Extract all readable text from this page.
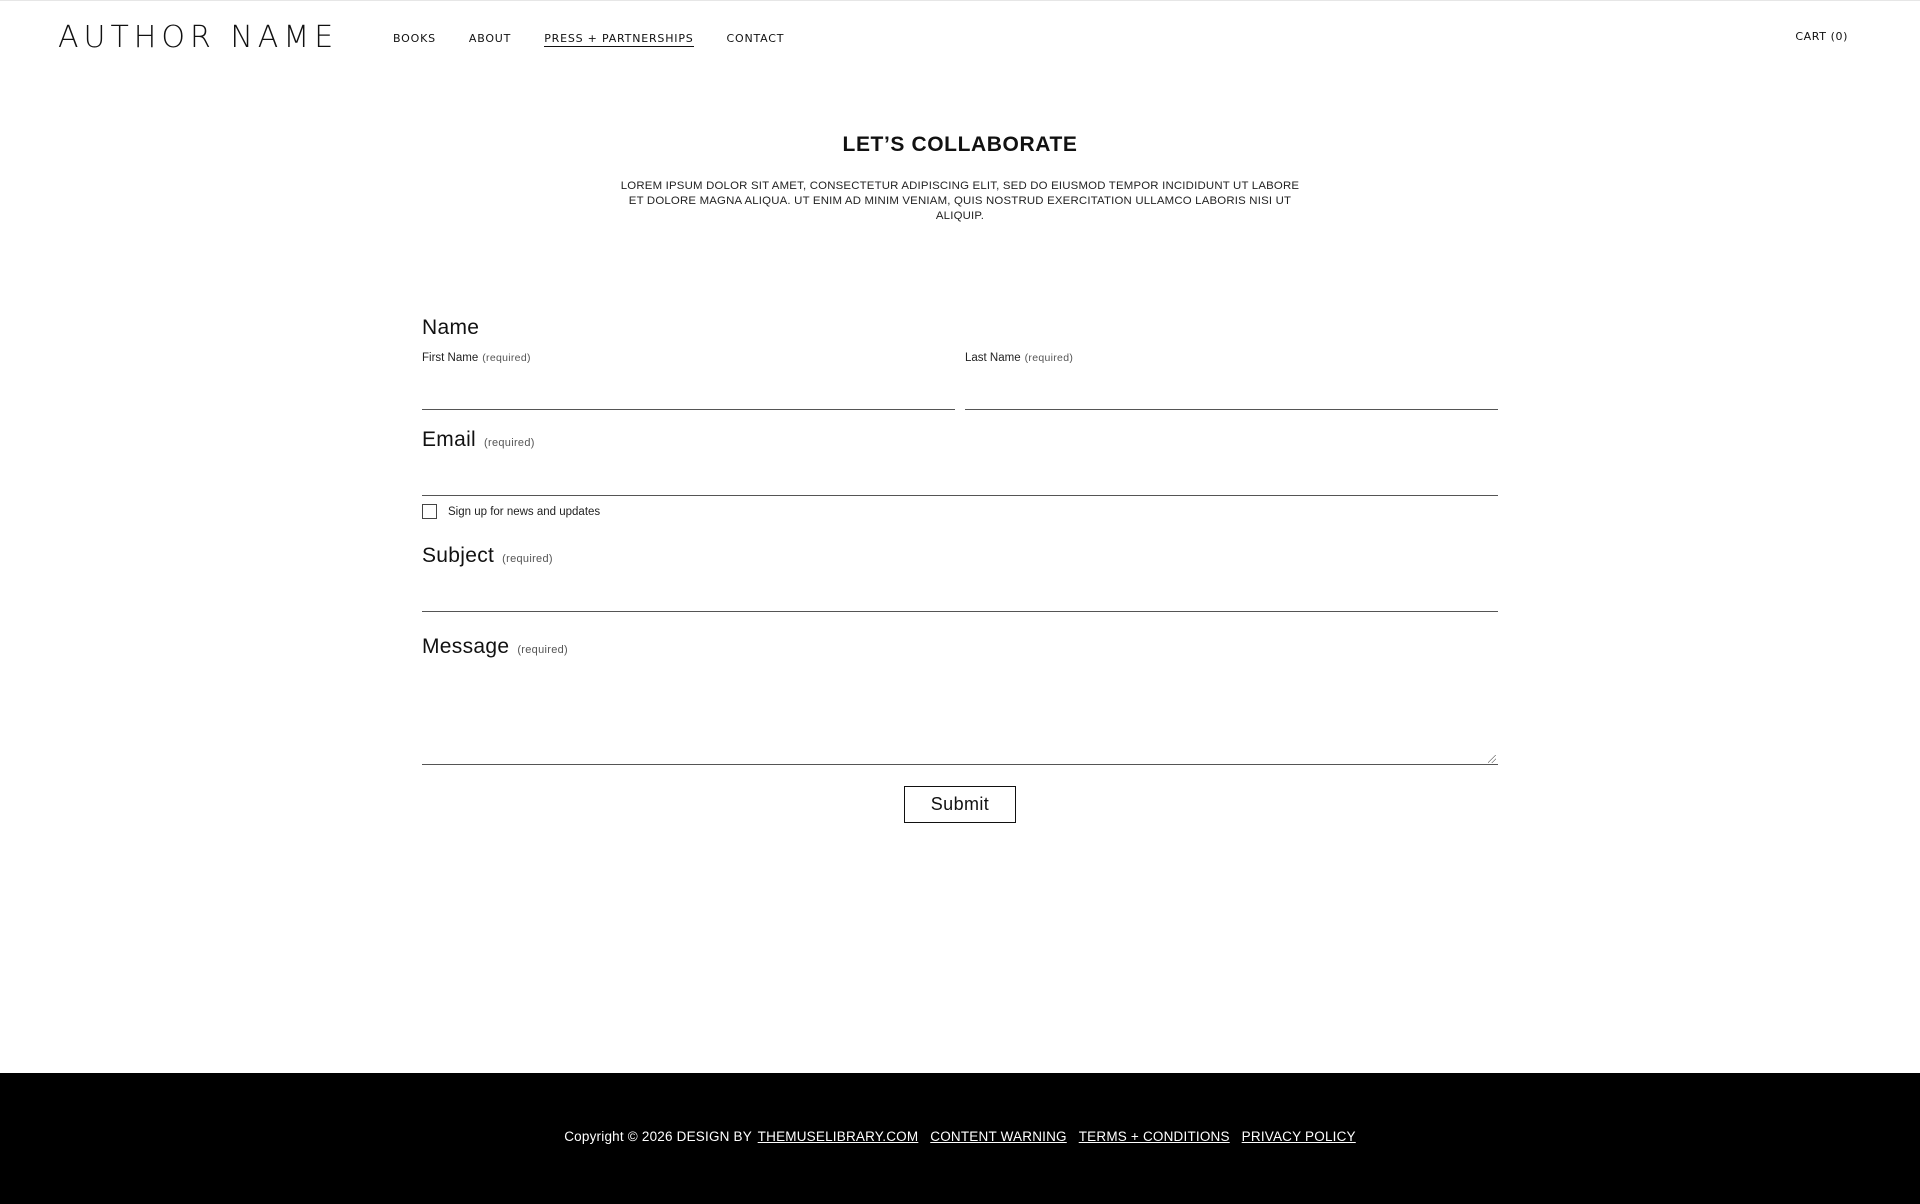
AUTHOR NAME	BOOKS	ABOUT	PRESS + PARTNERSHIPS	CONTACT	CART (0)
LET’S COLLABORATE

LOREM IPSUM DOLOR SIT AMET, CONSECTETUR ADIPISCING ELIT, SED DO EIUSMOD TEMPOR INCIDIDUNT UT LABORE ET DOLORE MAGNA ALIQUA. UT ENIM AD MINIM VENIAM, QUIS NOSTRUD EXERCITATION ULLAMCO LABORIS NISI UT ALIQUIP.

Name
First Name (required)	Last Name (required)
Email (required)
Sign up for news and updates
Subject (required)
Message (required)
Submit
Copyright © 2026 DESIGN BY THEMUSELIBRARY.COM CONTENT WARNING TERMS + CONDITIONS PRIVACY POLICY
